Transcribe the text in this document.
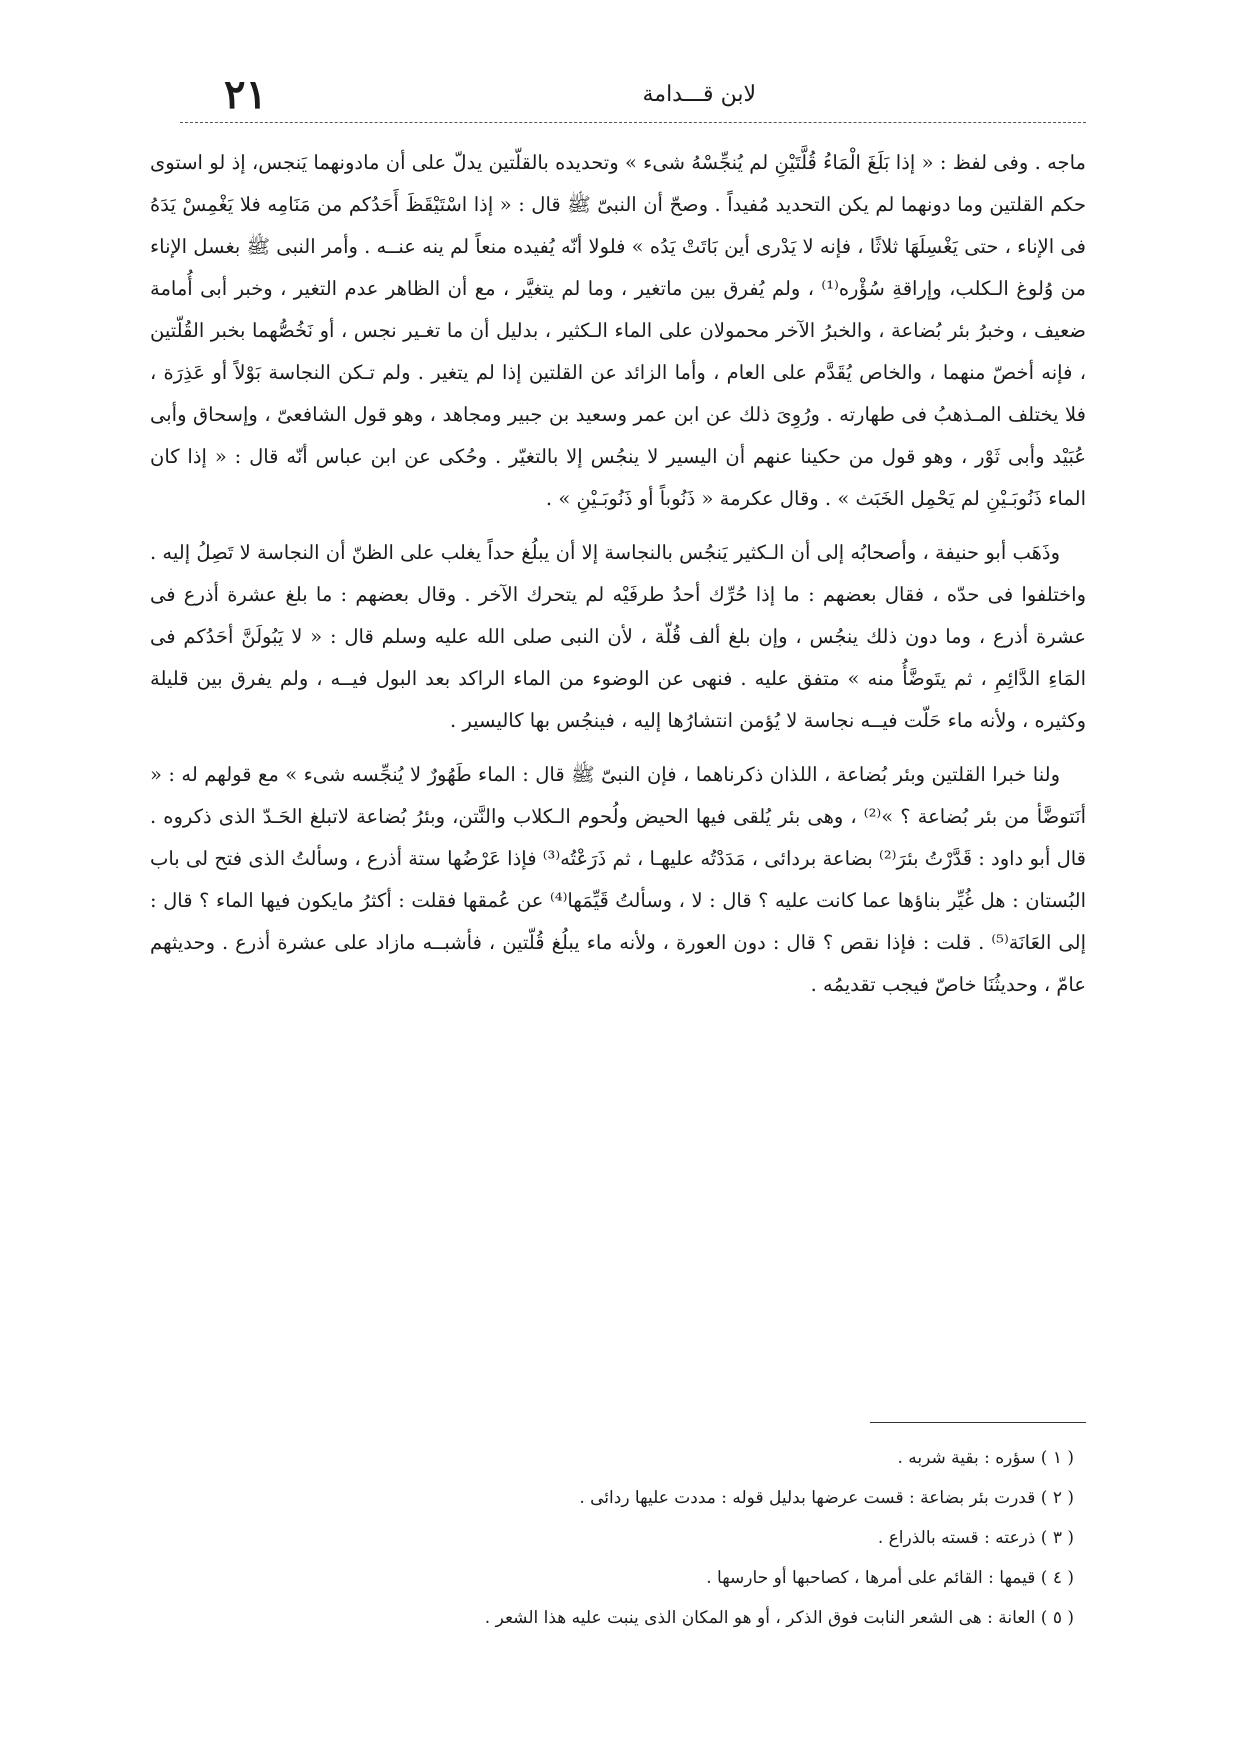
٢١	لابن قـــدامة

ماجه . وفى لفظ : « إذا بَلَغَ الْمَاءُ قُلَّتَيْنِ لم يُنجِّسْهُ شىء » وتحديده بالقلّتين يدلّ على أن مادونهما يَنجس، إذ لو استوى حكم القلتين وما دونهما لم يكن التحديد مُفيداً . وصحّ أن النبىّ ﷺ قال : « إذا اسْتَيْقَظَ أَحَدُكم من مَنَامِه فلا يَغْمِسْ يَدَهُ فى الإناء ، حتى يَغْسِلَهَا ثلاثًا ، فإنه لا يَدْرى أين بَاتَتْ يَدُه » فلولا أنّه يُفيده منعاً لم ينه عنــه . وأمر النبى ﷺ بغسل الإناء من وُلوغ الـكلب، وإراقةِ سُؤْره⁽¹⁾ ، ولم يُفرق بين ماتغير ، وما لم يتغيَّر ، مع أن الظاهر عدم التغير ، وخبر أبى أُمامة ضعيف ، وخبرُ بئر بُضاعة ، والخبرُ الآخر محمولان على الماء الـكثير ، بدليل أن ما تغـير نجس ، أو نَخُصُّهما بخبر القُلّتين ، فإنه أخصّ منهما ، والخاص يُقَدَّم على العام ، وأما الزائد عن القلتين إذا لم يتغير . ولم تـكن النجاسة بَوْلاً أو عَذِرَة ، فلا يختلف المـذهبُ فى طهارته . ورُوِىَ ذلك عن ابن عمر وسعيد بن جبير ومجاهد ، وهو قول الشافعىّ ، وإسحاق وأبى عُبَيْد وأبى ثَوْر ، وهو قول من حكينا عنهم أن اليسير لا ينجُس إلا بالتغيّر . وحُكى عن ابن عباس أنّه قال : « إذا كان الماء ذَنُوبَـيْنِ لم يَحْمِل الخَبَث » . وقال عكرمة « ذَنُوباً أو ذَنُوبَـيْنِ » .

وذَهَب أبو حنيفة ، وأصحابُه إلى أن الـكثير يَنجُس بالنجاسة إلا أن يبلُغ حداً يغلب على الظنّ أن النجاسة لا تَصِلُ إليه . واختلفوا فى حدّه ، فقال بعضهم : ما إذا حُرِّك أحدُ طرفَيْه لم يتحرك الآخر . وقال بعضهم : ما بلغ عشرة أذرع فى عشرة أذرع ، وما دون ذلك ينجُس ، وإن بلغ ألف قُلّة ، لأن النبى صلى الله عليه وسلم قال : « لا يَبُولَنَّ أحَدُكم فى المَاءِ الدَّائِمِ ، ثم يتَوضَّأُ منه » متفق عليه . فنهى عن الوضوء من الماء الراكد بعد البول فيــه ، ولم يفرق بين قليلة وكثيره ، ولأنه ماء حَلّت فيــه نجاسة لا يُؤمن انتشارُها إليه ، فينجُس بها كاليسير .

ولنا خبرا القلتين وبئر بُضاعة ، اللذان ذكرناهما ، فإن النبىّ ﷺ قال : الماء طَهُورٌ لا يُنجِّسه شىء » مع قولهم له : « أنَتوضَّأ من بئر بُضاعة ؟ »⁽²⁾ ، وهى بئر يُلقى فيها الحيض ولُحوم الـكلاب والنَّتن، وبئرُ بُضاعة لاتبلغ الحَـدّ الذى ذكروه . قال أبو داود : قَدَّرْتُ بئرَ⁽²⁾ بضاعة بردائى ، مَدَدْتُه عليهـا ، ثم ذَرَعْتُه⁽³⁾ فإذا عَرْضُها ستة أذرع ، وسألتُ الذى فتح لى باب البُستان : هل غُيِّر بناؤها عما كانت عليه ؟ قال : لا ، وسألتُ قَيِّمَها⁽⁴⁾ عن عُمقها فقلت : أكثرُ مايكون فيها الماء ؟ قال : إلى العَانَة⁽⁵⁾ . قلت : فإذا نقص ؟ قال : دون العورة ، ولأنه ماء يبلُغ قُلّتين ، فأشبــه مازاد على عشرة أذرع . وحديثهم عامّ ، وحديثُنَا خاصّ فيجب تقديمُه .

( ١ ) سؤره : بقية شربه .
( ٢ ) قدرت بئر بضاعة : قست عرضها بدليل قوله : مددت عليها ردائى .
( ٣ ) ذرعته : قسته بالذراع .
( ٤ ) قيمها : القائم على أمرها ، كصاحبها أو حارسها .
( ٥ ) العانة : هى الشعر النابت فوق الذكر ، أو هو المكان الذى ينبت عليه هذا الشعر .
